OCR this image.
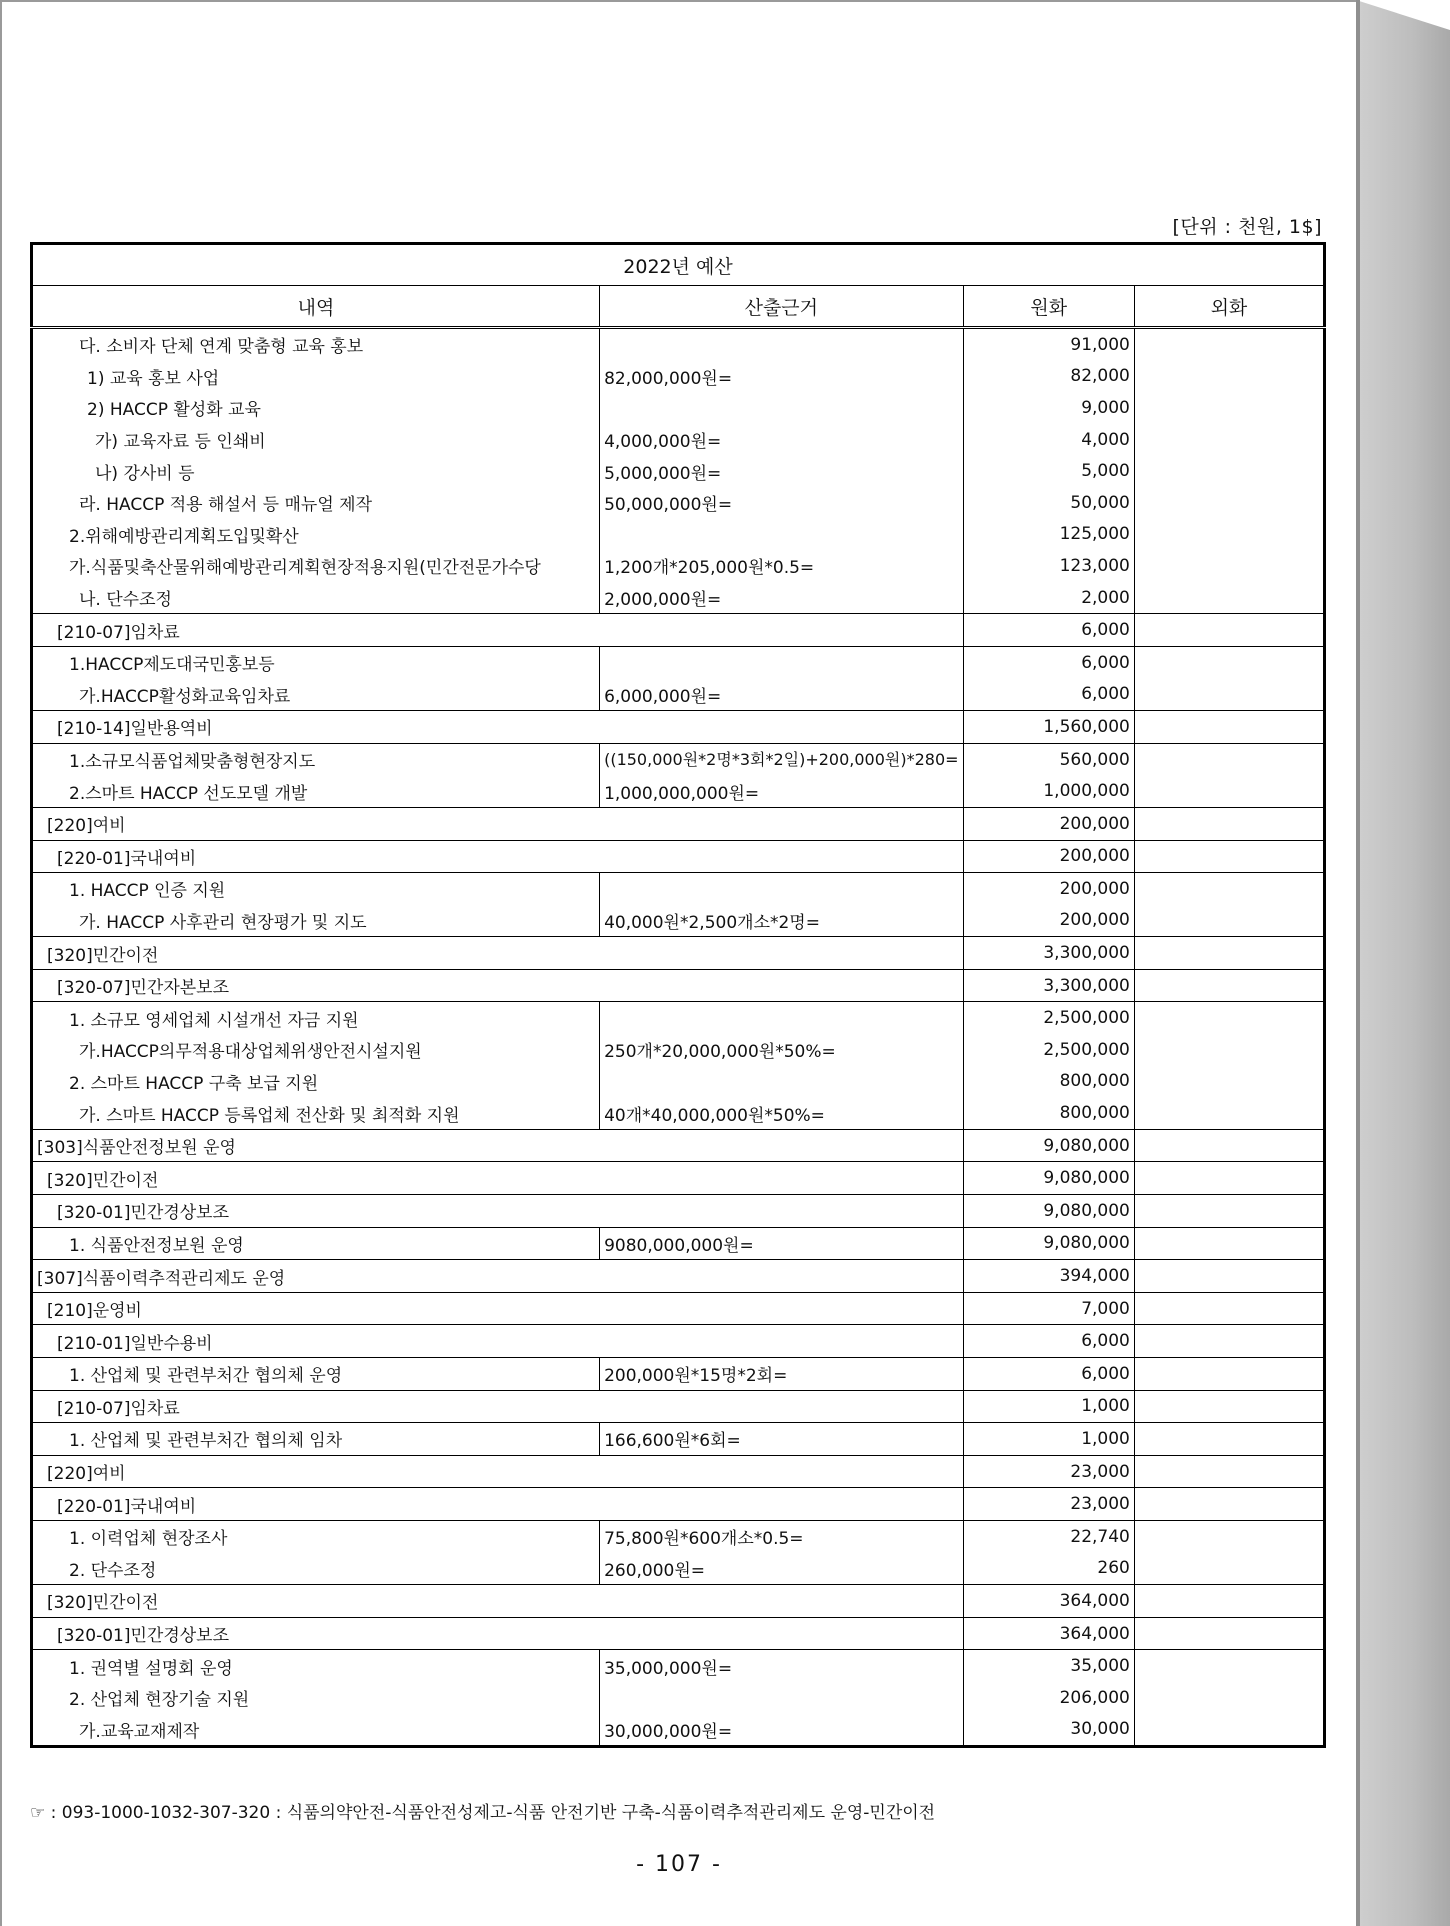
[단위 : 천원, 1$]
2022년 예산			
내역	산출근거	원화	외화
다. 소비자 단체 연계 맞춤형 교육 홍보		91,000	
1) 교육 홍보 사업	82,000,000원=	82,000	
2) HACCP 활성화 교육		9,000	
가) 교육자료 등 인쇄비	4,000,000원=	4,000	
나) 강사비 등	5,000,000원=	5,000	
라. HACCP 적용 해설서 등 매뉴얼 제작	50,000,000원=	50,000	
2.위해예방관리계획도입및확산		125,000	
가.식품및축산물위해예방관리계획현장적용지원(민간전문가수당	1,200개*205,000원*0.5=	123,000	
나. 단수조정	2,000,000원=	2,000	
[210-07]임차료		6,000	
1.HACCP제도대국민홍보등		6,000	
가.HACCP활성화교육임차료	6,000,000원=	6,000	
[210-14]일반용역비		1,560,000	
1.소규모식품업체맞춤형현장지도	((150,000원*2명*3회*2일)+200,000원)*280=	560,000	
2.스마트 HACCP 선도모델 개발	1,000,000,000원=	1,000,000	
[220]여비		200,000	
[220-01]국내여비		200,000	
1. HACCP 인증 지원		200,000	
가. HACCP 사후관리 현장평가 및 지도	40,000원*2,500개소*2명=	200,000	
[320]민간이전		3,300,000	
[320-07]민간자본보조		3,300,000	
1. 소규모 영세업체 시설개선 자금 지원		2,500,000	
가.HACCP의무적용대상업체위생안전시설지원	250개*20,000,000원*50%=	2,500,000	
2. 스마트 HACCP 구축 보급 지원		800,000	
가. 스마트 HACCP 등록업체 전산화 및 최적화 지원	40개*40,000,000원*50%=	800,000	
[303]식품안전정보원 운영		9,080,000	
[320]민간이전		9,080,000	
[320-01]민간경상보조		9,080,000	
1. 식품안전정보원 운영	9080,000,000원=	9,080,000	
[307]식품이력추적관리제도 운영		394,000	
[210]운영비		7,000	
[210-01]일반수용비		6,000	
1. 산업체 및 관련부처간 협의체 운영	200,000원*15명*2회=	6,000	
[210-07]임차료		1,000	
1. 산업체 및 관련부처간 협의체 임차	166,600원*6회=	1,000	
[220]여비		23,000	
[220-01]국내여비		23,000	
1. 이력업체 현장조사	75,800원*600개소*0.5=	22,740	
2. 단수조정	260,000원=	260	
[320]민간이전		364,000	
[320-01]민간경상보조		364,000	
1. 권역별 설명회 운영	35,000,000원=	35,000	
2. 산업체 현장기술 지원		206,000	
가.교육교재제작	30,000,000원=	30,000	
☞ : 093-1000-1032-307-320 : 식품의약안전-식품안전성제고-식품 안전기반 구축-식품이력추적관리제도 운영-민간이전
- 107 -
